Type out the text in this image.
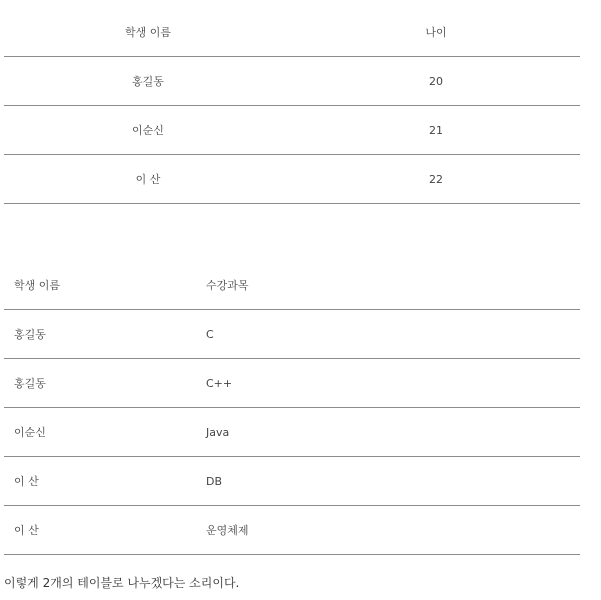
학생 이름	나이
홍길동	20
이순신	21
이 산	22
학생 이름	수강과목
홍길동	C
홍길동	C++
이순신	Java
이 산	DB
이 산	운영체제

이렇게 2개의 테이블로 나누겠다는 소리이다.
